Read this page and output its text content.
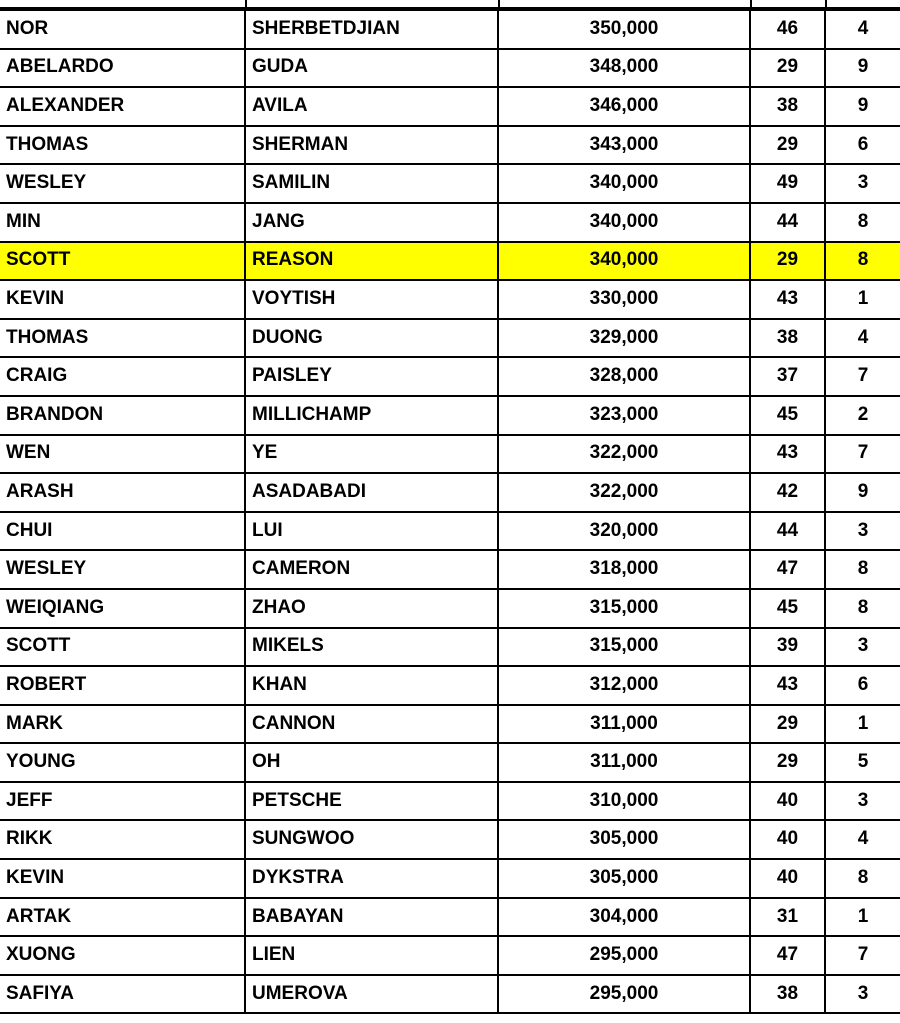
NOR	SHERBETDJIAN	350,000	46	4
ABELARDO	GUDA	348,000	29	9
ALEXANDER	AVILA	346,000	38	9
THOMAS	SHERMAN	343,000	29	6
WESLEY	SAMILIN	340,000	49	3
MIN	JANG	340,000	44	8
SCOTT	REASON	340,000	29	8
KEVIN	VOYTISH	330,000	43	1
THOMAS	DUONG	329,000	38	4
CRAIG	PAISLEY	328,000	37	7
BRANDON	MILLICHAMP	323,000	45	2
WEN	YE	322,000	43	7
ARASH	ASADABADI	322,000	42	9
CHUI	LUI	320,000	44	3
WESLEY	CAMERON	318,000	47	8
WEIQIANG	ZHAO	315,000	45	8
SCOTT	MIKELS	315,000	39	3
ROBERT	KHAN	312,000	43	6
MARK	CANNON	311,000	29	1
YOUNG	OH	311,000	29	5
JEFF	PETSCHE	310,000	40	3
RIKK	SUNGWOO	305,000	40	4
KEVIN	DYKSTRA	305,000	40	8
ARTAK	BABAYAN	304,000	31	1
XUONG	LIEN	295,000	47	7
SAFIYA	UMEROVA	295,000	38	3
